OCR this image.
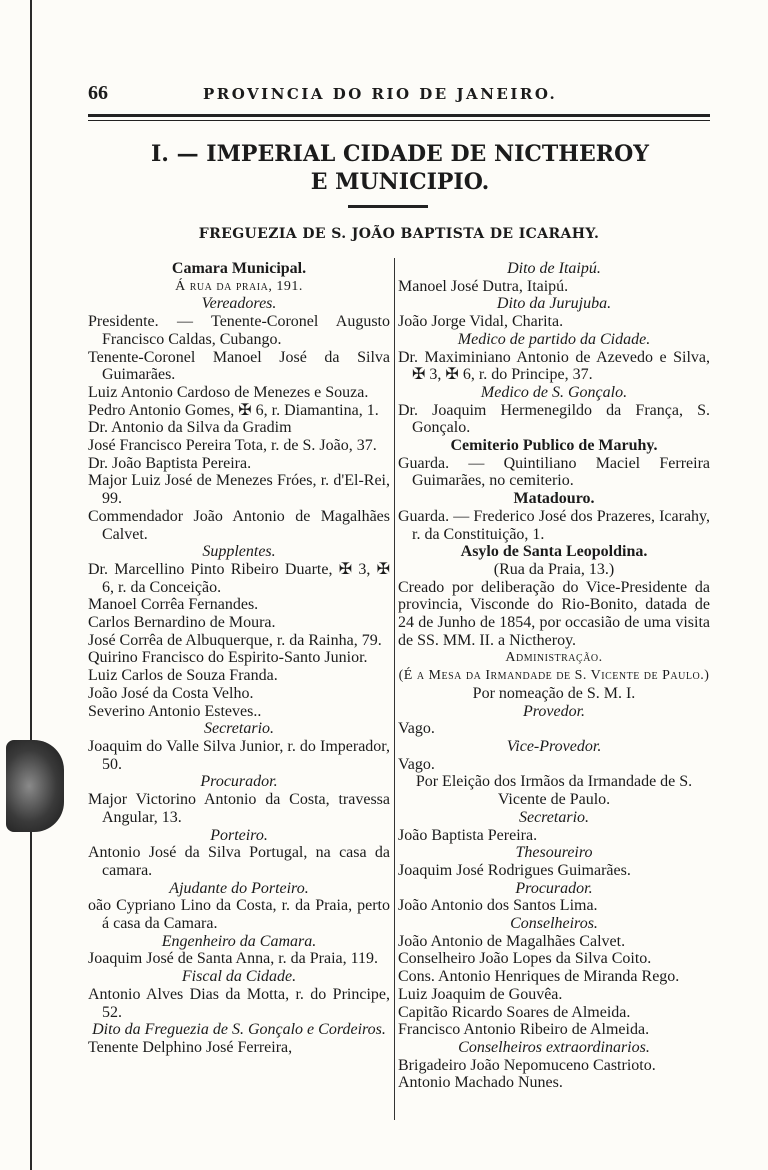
66	PROVINCIA DO RIO DE JANEIRO.
I. — IMPERIAL CIDADE DE NICTHEROY
E MUNICIPIO.
FREGUEZIA DE S. JOÃO BAPTISTA DE ICARAHY.

Camara Municipal.

Á rua da praia, 191.

Vereadores.

Presidente. — Tenente-Coronel Augusto Francisco Caldas, Cubango.

Tenente-Coronel Manoel José da Silva Guimarães.

Luiz Antonio Cardoso de Menezes e Souza.

Pedro Antonio Gomes, ✠ 6, r. Diamantina, 1.

Dr. Antonio da Silva da Gradim

José Francisco Pereira Tota, r. de S. João, 37.

Dr. João Baptista Pereira.

Major Luiz José de Menezes Fróes, r. d'El-Rei, 99.

Commendador João Antonio de Magalhães Calvet.

Supplentes.

Dr. Marcellino Pinto Ribeiro Duarte, ✠ 3, ✠ 6, r. da Conceição.

Manoel Corrêa Fernandes.

Carlos Bernardino de Moura.

José Corrêa de Albuquerque, r. da Rainha, 79.

Quirino Francisco do Espirito-Santo Junior.

Luiz Carlos de Souza Franda.

João José da Costa Velho.

Severino Antonio Esteves..

Secretario.

Joaquim do Valle Silva Junior, r. do Imperador, 50.

Procurador.

Major Victorino Antonio da Costa, travessa Angular, 13.

Porteiro.

Antonio José da Silva Portugal, na casa da camara.

Ajudante do Porteiro.

oão Cypriano Lino da Costa, r. da Praia, perto á casa da Camara.

Engenheiro da Camara.

Joaquim José de Santa Anna, r. da Praia, 119.

Fiscal da Cidade.

Antonio Alves Dias da Motta, r. do Principe, 52.

Dito da Freguezia de S. Gonçalo e Cordeiros.

Tenente Delphino José Ferreira,

Dito de Itaipú.

Manoel José Dutra, Itaipú.

Dito da Jurujuba.

João Jorge Vidal, Charita.

Medico de partido da Cidade.

Dr. Maximiniano Antonio de Azevedo e Silva, ✠ 3, ✠ 6, r. do Principe, 37.

Medico de S. Gonçalo.

Dr. Joaquim Hermenegildo da França, S. Gonçalo.

Cemiterio Publico de Maruhy.

Guarda. — Quintiliano Maciel Ferreira Guimarães, no cemiterio.

Matadouro.

Guarda. — Frederico José dos Prazeres, Icarahy, r. da Constituição, 1.

Asylo de Santa Leopoldina.

(Rua da Praia, 13.)

Creado por deliberação do Vice-Presidente da provincia, Visconde do Rio-Bonito, datada de 24 de Junho de 1854, por occasião de uma visita de SS. MM. II. a Nictheroy.

Administração.

(É a Mesa da Irmandade de S. Vicente de Paulo.)

Por nomeação de S. M. I.

Provedor.

Vago.

Vice-Provedor.

Vago.

Por Eleição dos Irmãos da Irmandade de S. Vicente de Paulo.

Secretario.

João Baptista Pereira.

Thesoureiro

Joaquim José Rodrigues Guimarães.

Procurador.

João Antonio dos Santos Lima.

Conselheiros.

João Antonio de Magalhães Calvet.

Conselheiro João Lopes da Silva Coito.

Cons. Antonio Henriques de Miranda Rego.

Luiz Joaquim de Gouvêa.

Capitão Ricardo Soares de Almeida.

Francisco Antonio Ribeiro de Almeida.

Conselheiros extraordinarios.

Brigadeiro João Nepomuceno Castrioto.

Antonio Machado Nunes.
